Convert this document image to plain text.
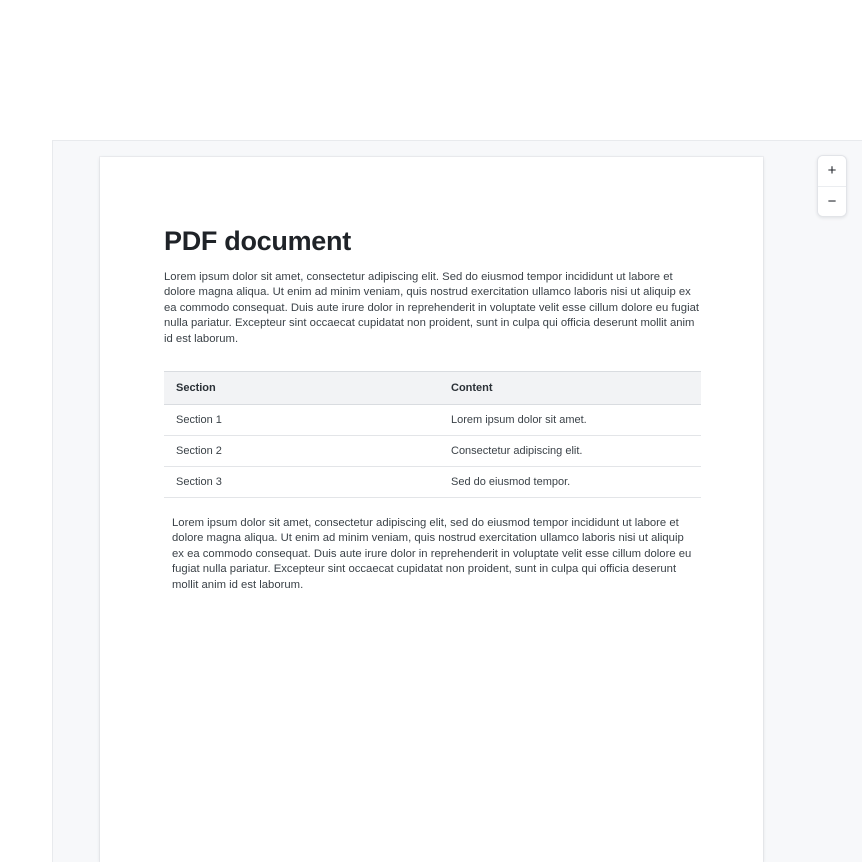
+
−
PDF document

Lorem ipsum dolor sit amet, consectetur adipiscing elit. Sed do eiusmod tempor incididunt ut labore et dolore magna aliqua. Ut enim ad minim veniam, quis nostrud exercitation ullamco laboris nisi ut aliquip ex ea commodo consequat. Duis aute irure dolor in reprehenderit in voluptate velit esse cillum dolore eu fugiat nulla pariatur. Excepteur sint occaecat cupidatat non proident, sunt in culpa qui officia deserunt mollit anim id est laborum.

Section	Content
Section 1	Lorem ipsum dolor sit amet.
Section 2	Consectetur adipiscing elit.
Section 3	Sed do eiusmod tempor.

Lorem ipsum dolor sit amet, consectetur adipiscing elit, sed do eiusmod tempor incididunt ut labore et dolore magna aliqua. Ut enim ad minim veniam, quis nostrud exercitation ullamco laboris nisi ut aliquip ex ea commodo consequat. Duis aute irure dolor in reprehenderit in voluptate velit esse cillum dolore eu fugiat nulla pariatur. Excepteur sint occaecat cupidatat non proident, sunt in culpa qui officia deserunt mollit anim id est laborum.
